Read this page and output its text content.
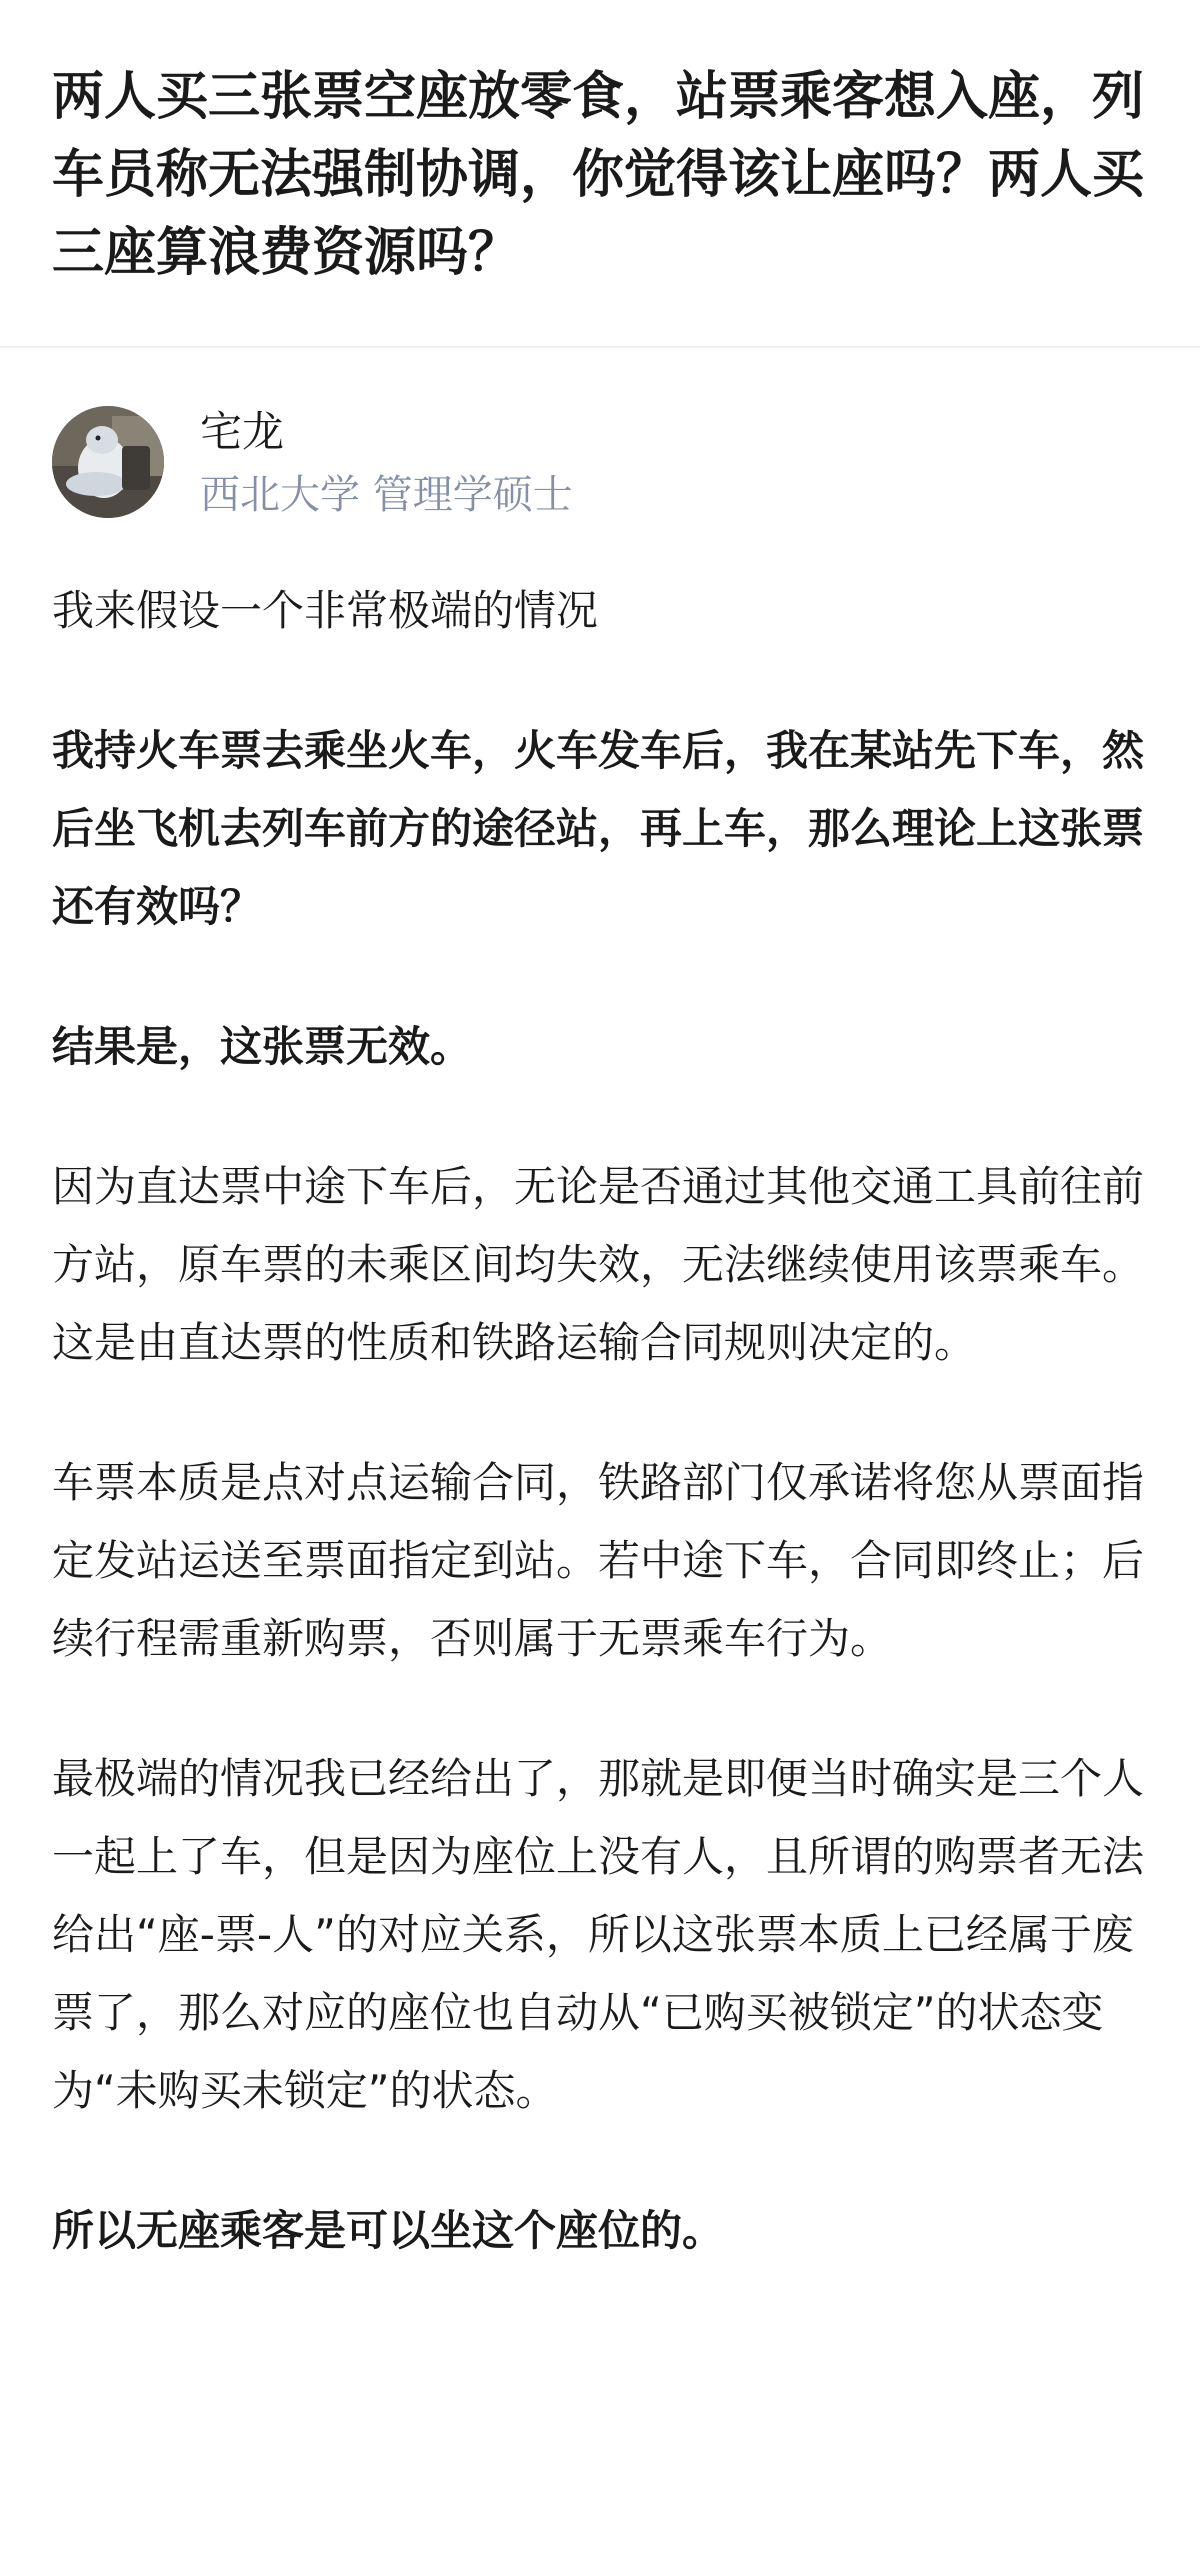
两人买三张票空座放零食，站票乘客想入座，列车员称无法强制协调，你觉得该让座吗？两人买三座算浪费资源吗？
宅龙
西北大学 管理学硕士

我来假设一个非常极端的情况

我持火车票去乘坐火车，火车发车后，我在某站先下车，然后坐飞机去列车前方的途径站，再上车，那么理论上这张票还有效吗？

结果是，这张票无效。

因为直达票中途下车后，无论是否通过其他交通工具前往前方站，原车票的未乘区间均失效，无法继续使用该票乘车。这是由直达票的性质和铁路运输合同规则决定的。

车票本质是点对点运输合同，铁路部门仅承诺将您从票面指定发站运送至票面指定到站。若中途下车，合同即终止；后续行程需重新购票，否则属于无票乘车行为。

最极端的情况我已经给出了，那就是即便当时确实是三个人一起上了车，但是因为座位上没有人，且所谓的购票者无法给出“座-票-人”的对应关系，所以这张票本质上已经属于废票了，那么对应的座位也自动从“已购买被锁定”的状态变为“未购买未锁定”的状态。

所以无座乘客是可以坐这个座位的。
